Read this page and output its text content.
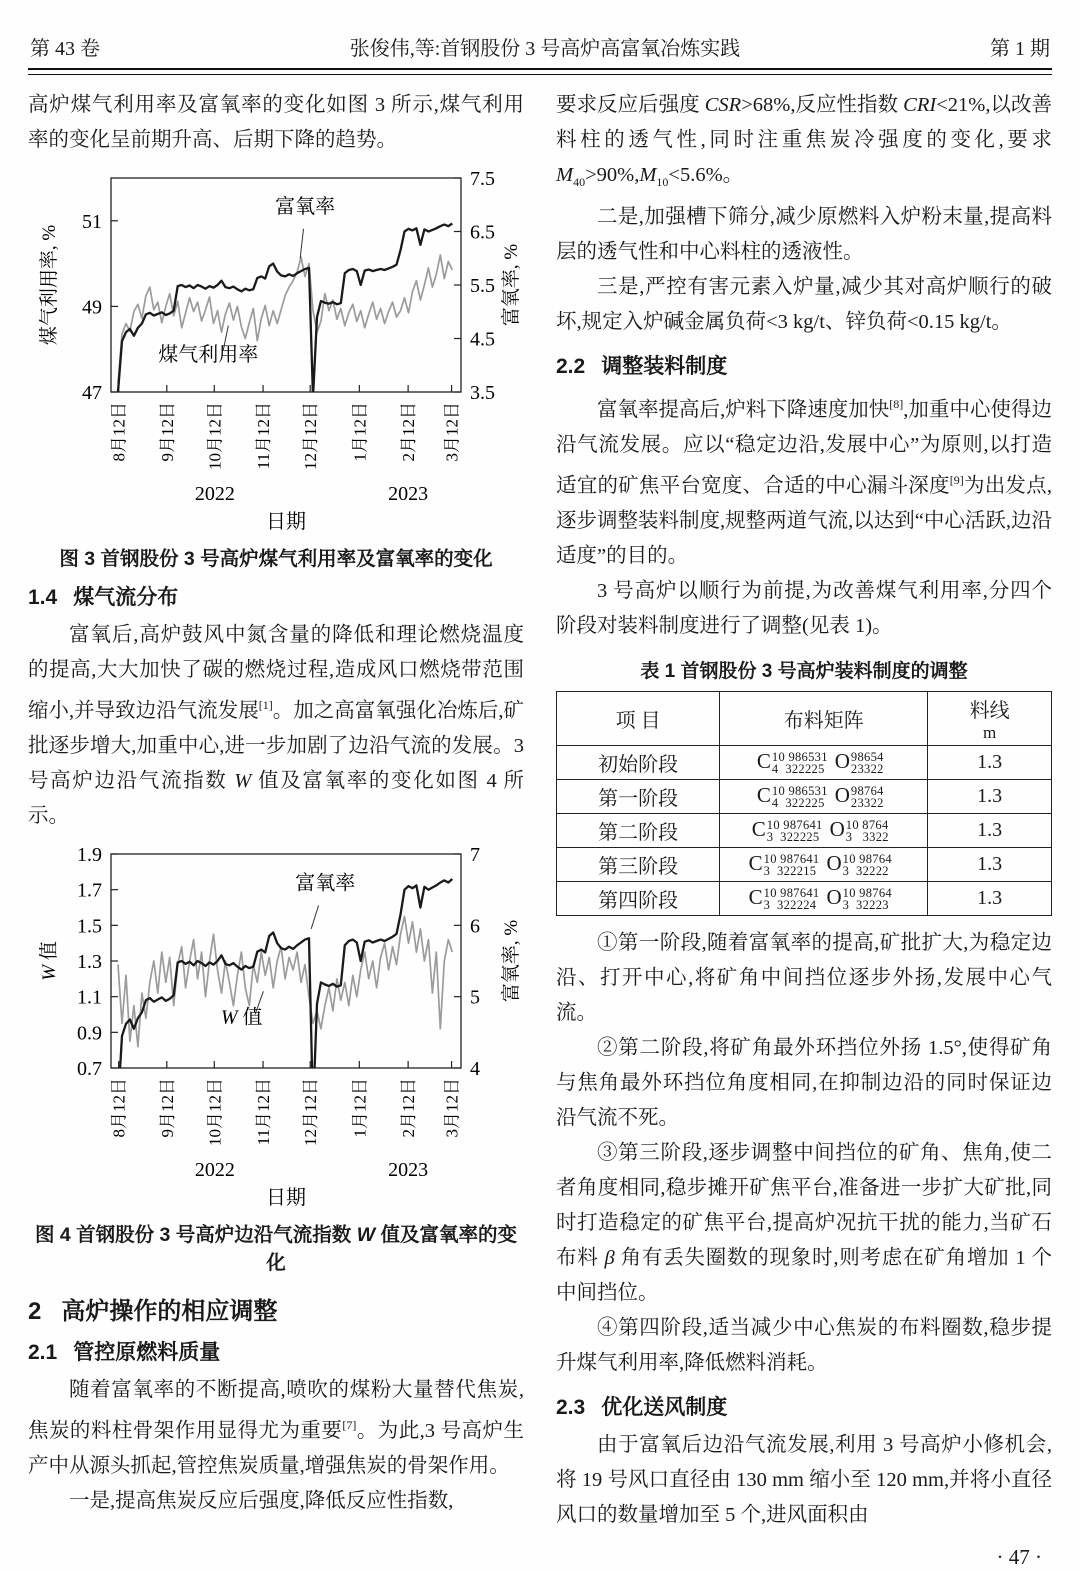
第 43 卷	张俊伟,等:首钢股份 3 号高炉高富氧冶炼实践	第 1 期

高炉煤气利用率及富氧率的变化如图 3 所示,煤气利用率的变化呈前期升高、后期下降的趋势。

47
49
51
3.5
4.5
5.5
6.5
7.5
8月12日 9月12日 10月12日 11月12日 12月12日 1月12日 2月12日 3月12日
2022	2023
日期
煤气利用率, %	富氧率, %
富氧率
煤气利用率
图 3 首钢股份 3 号高炉煤气利用率及富氧率的变化
1.4 煤气流分布

富氧后,高炉鼓风中氮含量的降低和理论燃烧温度的提高,大大加快了碳的燃烧过程,造成风口燃烧带范围缩小,并导致边沿气流发展[1]。加之高富氧强化冶炼后,矿批逐步增大,加重中心,进一步加剧了边沿气流的发展。3 号高炉边沿气流指数 W 值及富氧率的变化如图 4 所示。

0.7
0.9
1.1
1.3
1.5
1.7
1.9
4
5
6
7
8月12日 9月12日 10月12日 11月12日 12月12日 1月12日 2月12日 3月12日
2022	2023
日期
W 值	富氧率, %
富氧率
W 值
图 4 首钢股份 3 号高炉边沿气流指数 W 值及富氧率的变化
2 高炉操作的相应调整
2.1 管控原燃料质量

随着富氧率的不断提高,喷吹的煤粉大量替代焦炭,焦炭的料柱骨架作用显得尤为重要[7]。为此,3 号高炉生产中从源头抓起,管控焦炭质量,增强焦炭的骨架作用。

一是,提高焦炭反应后强度,降低反应性指数,

要求反应后强度 CSR>68%,反应性指数 CRI<21%,以改善料柱的透气性,同时注重焦炭冷强度的变化,要求 $M_{40}>90\%,M_{10}<5.6\%$。

二是,加强槽下筛分,减少原燃料入炉粉末量,提高料层的透气性和中心料柱的透液性。

三是,严控有害元素入炉量,减少其对高炉顺行的破坏,规定入炉碱金属负荷<3 kg/t、锌负荷<0.15 kg/t。

2.2 调整装料制度

富氧率提高后,炉料下降速度加快[8],加重中心使得边沿气流发展。应以“稳定边沿,发展中心”为原则,以打造适宜的矿焦平台宽度、合适的中心漏斗深度[9]为出发点,逐步调整装料制度,规整两道气流,以达到“中心活跃,边沿适度”的目的。

3 号高炉以顺行为前提,为改善煤气利用率,分四个阶段对装料制度进行了调整(见表 1)。

表 1 首钢股份 3 号高炉装料制度的调整
项 目	布料矩阵	料线
m

初始阶段	C 10 986531
4  322225 O 98654
23322	1.3
第一阶段	C 10 986531
4  322225 O 98764
23322	1.3
第二阶段	C 10 987641
3  322225 O 10 8764
3   3322	1.3
第三阶段	C 10 987641
3  322215 O 10 98764
3  32222	1.3
第四阶段	C 10 987641
3  322224 O 10 98764
3  32223	1.3

①第一阶段,随着富氧率的提高,矿批扩大,为稳定边沿、打开中心,将矿角中间挡位逐步外扬,发展中心气流。

②第二阶段,将矿角最外环挡位外扬 1.5°,使得矿角与焦角最外环挡位角度相同,在抑制边沿的同时保证边沿气流不死。

③第三阶段,逐步调整中间挡位的矿角、焦角,使二者角度相同,稳步摊开矿焦平台,准备进一步扩大矿批,同时打造稳定的矿焦平台,提高炉况抗干扰的能力,当矿石布料 β 角有丢失圈数的现象时,则考虑在矿角增加 1 个中间挡位。

④第四阶段,适当减少中心焦炭的布料圈数,稳步提升煤气利用率,降低燃料消耗。

2.3 优化送风制度

由于富氧后边沿气流发展,利用 3 号高炉小修机会,将 19 号风口直径由 130 mm 缩小至 120 mm,并将小直径风口的数量增加至 5 个,进风面积由

· 47 ·
